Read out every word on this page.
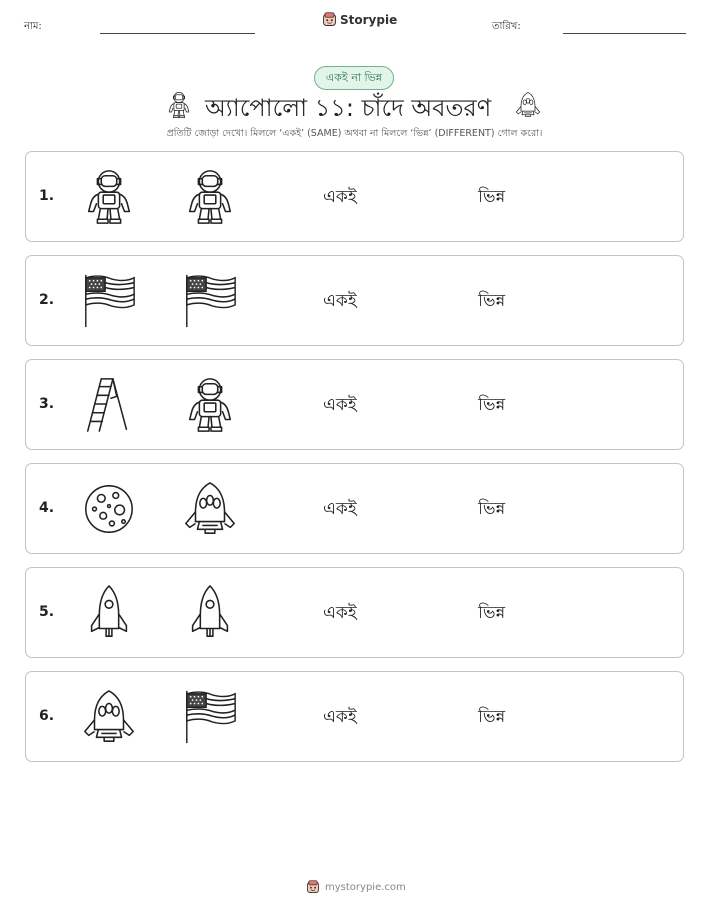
নাম:	Storypie	তারিখ:
একই না ভিন্ন
অ্যাপোলো ১১: চাঁদে অবতরণ
প্রতিটি জোড়া দেখো। মিললে ‘একই’ (SAME) অথবা না মিললে ‘ভিন্ন’ (DIFFERENT) গোল করো।
1.	একই	ভিন্ন
2.	একই	ভিন্ন
3.	একই	ভিন্ন
4.	একই	ভিন্ন
5.	একই	ভিন্ন
6.	একই	ভিন্ন
mystorypie.com
